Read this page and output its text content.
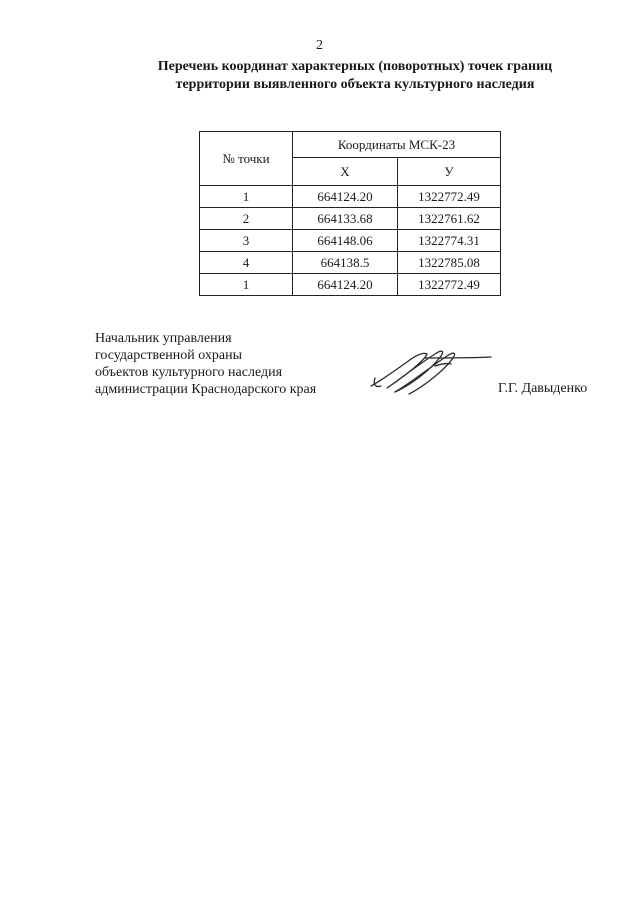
2
Перечень координат характерных (поворотных) точек границ
территории выявленного объекта культурного наследия
№ точки	Координаты МСК-23	
	X	У
1	664124.20	1322772.49
2	664133.68	1322761.62
3	664148.06	1322774.31
4	664138.5	1322785.08
1	664124.20	1322772.49
Начальник управления
государственной охраны
объектов культурного наследия
администрации Краснодарского края	Г.Г. Давыденко
